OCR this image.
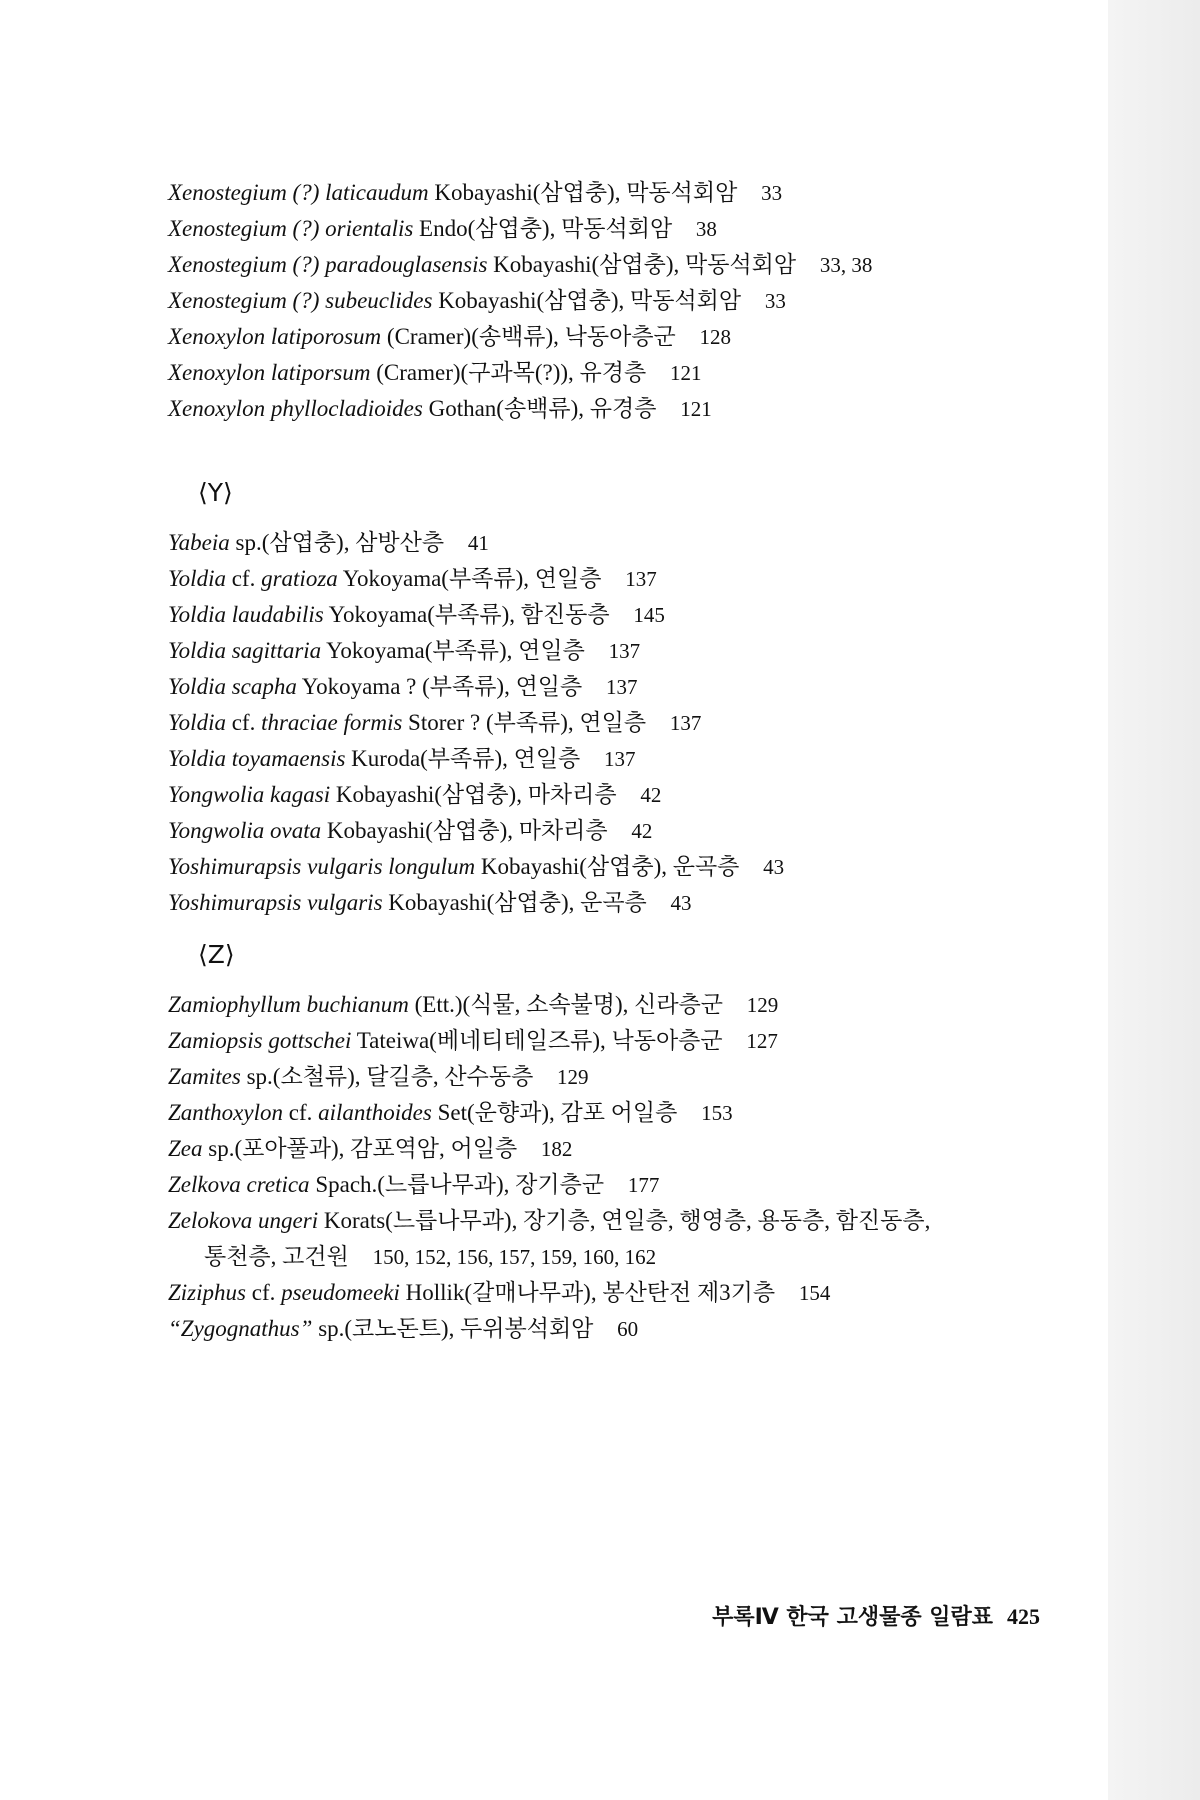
Xenostegium (?) laticaudum Kobayashi(삼엽충), 막동석회암 33
Xenostegium (?) orientalis Endo(삼엽충), 막동석회암 38
Xenostegium (?) paradouglasensis Kobayashi(삼엽충), 막동석회암 33, 38
Xenostegium (?) subeuclides Kobayashi(삼엽충), 막동석회암 33
Xenoxylon latiporosum (Cramer)(송백류), 낙동아층군 128
Xenoxylon latiporsum (Cramer)(구과목(?)), 유경층 121
Xenoxylon phyllocladioides Gothan(송백류), 유경층 121
⟨Y⟩
Yabeia sp.(삼엽충), 삼방산층 41
Yoldia cf. gratioza Yokoyama(부족류), 연일층 137
Yoldia laudabilis Yokoyama(부족류), 함진동층 145
Yoldia sagittaria Yokoyama(부족류), 연일층 137
Yoldia scapha Yokoyama ? (부족류), 연일층 137
Yoldia cf. thraciae formis Storer ? (부족류), 연일층 137
Yoldia toyamaensis Kuroda(부족류), 연일층 137
Yongwolia kagasi Kobayashi(삼엽충), 마차리층 42
Yongwolia ovata Kobayashi(삼엽충), 마차리층 42
Yoshimurapsis vulgaris longulum Kobayashi(삼엽충), 운곡층 43
Yoshimurapsis vulgaris Kobayashi(삼엽충), 운곡층 43
⟨Z⟩
Zamiophyllum buchianum (Ett.)(식물, 소속불명), 신라층군 129
Zamiopsis gottschei Tateiwa(베네티테일즈류), 낙동아층군 127
Zamites sp.(소철류), 달길층, 산수동층 129
Zanthoxylon cf. ailanthoides Set(운향과), 감포 어일층 153
Zea sp.(포아풀과), 감포역암, 어일층 182
Zelkova cretica Spach.(느릅나무과), 장기층군 177
Zelokova ungeri Korats(느릅나무과), 장기층, 연일층, 행영층, 용동층, 함진동층,
통천층, 고건원 150, 152, 156, 157, 159, 160, 162
Ziziphus cf. pseudomeeki Hollik(갈매나무과), 봉산탄전 제3기층 154
“Zygognathus” sp.(코노돈트), 두위봉석회암 60
부록Ⅳ 한국 고생물종 일람표 425
